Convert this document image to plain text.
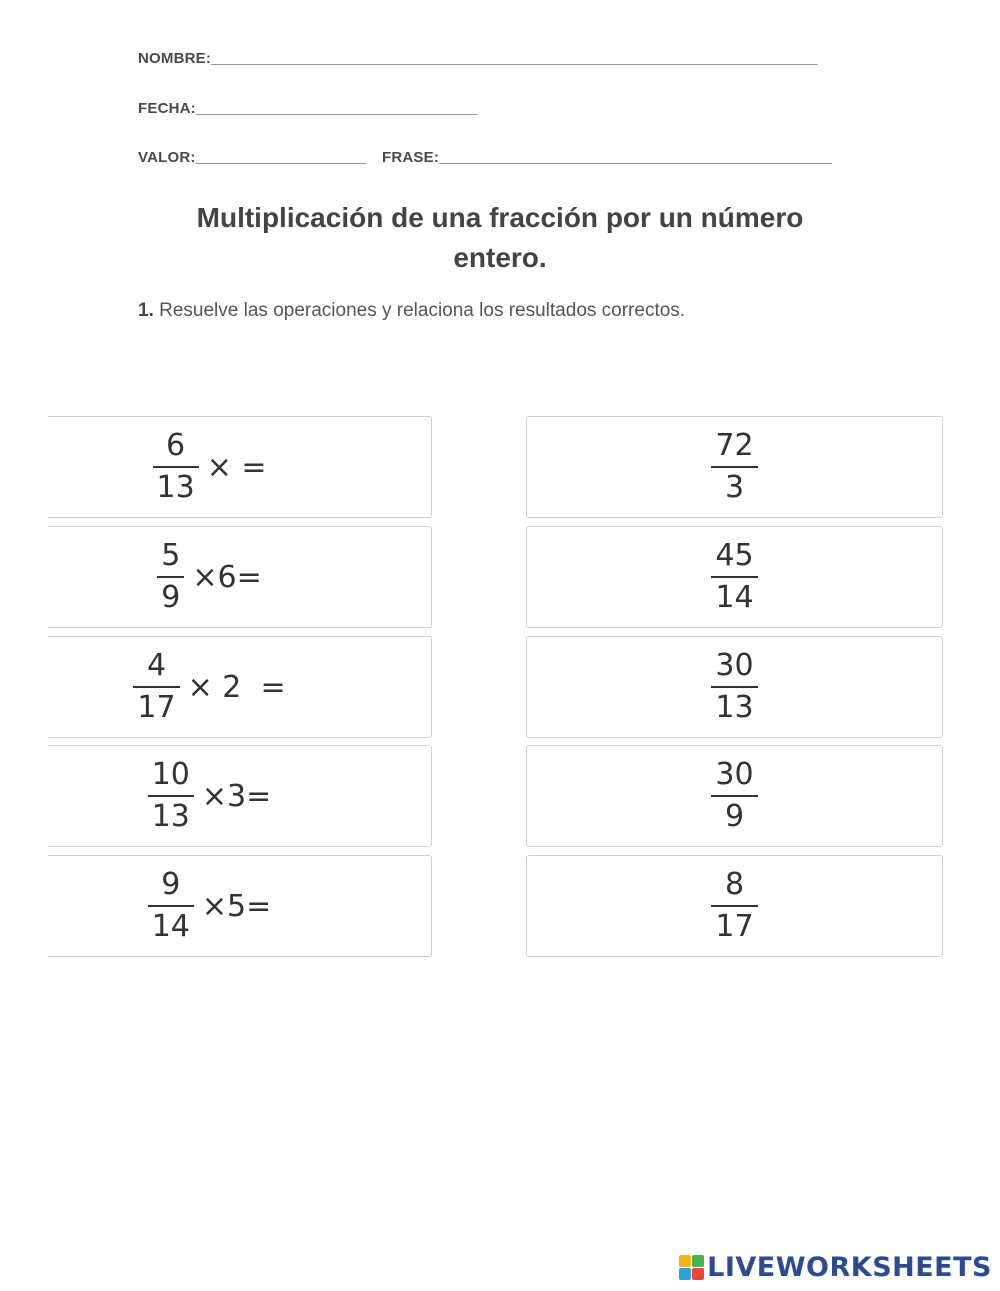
NOMBRE:_______________________________________________________________________
FECHA:_________________________________
VALOR:____________________ FRASE:______________________________________________
Multiplicación de una fracción por un número entero.
1. Resuelve las operaciones y relaciona los resultados correctos.
$\frac{6}{13}$ × =
$\frac{5}{9} \times 6=$
$\frac{4}{17} \times 2$  =
$\frac{10}{13} \times 3=$
$\frac{9}{14} \times 5=$
$\frac{72}{3}$
$\frac{45}{14}$
$\frac{30}{13}$
$\frac{30}{9}$
$\frac{8}{17}$
LIVEWORKSHEETS
